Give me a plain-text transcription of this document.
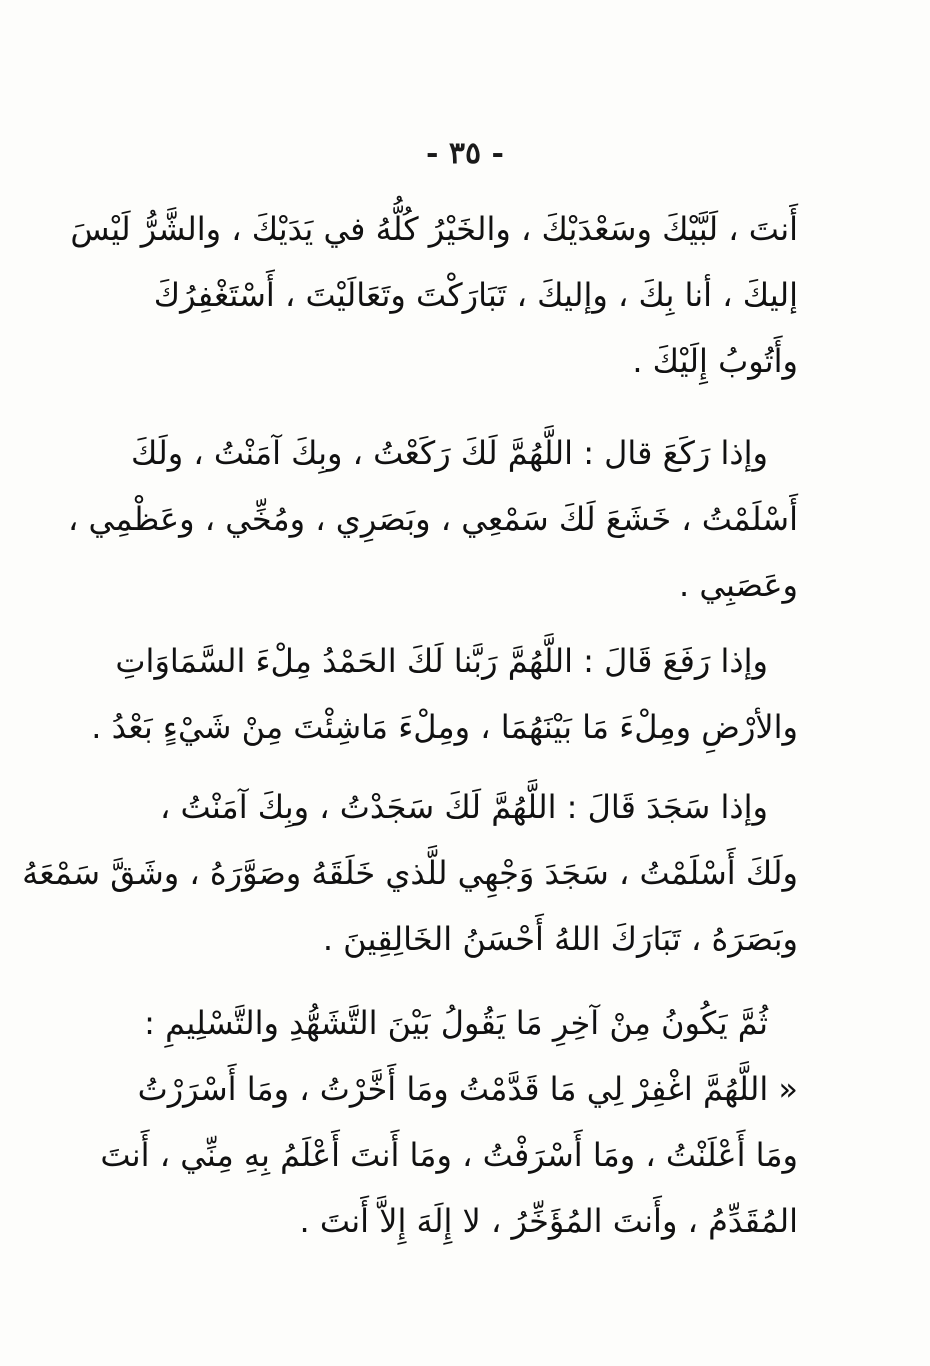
- ٣٥ -
أَنتَ ، لَبَّيْكَ وسَعْدَيْكَ ، والخَيْرُ كُلُّهُ في يَدَيْكَ ، والشَّرُّ لَيْسَ
إليكَ ، أنا بِكَ ، وإليكَ ، تَبَارَكْتَ وتَعَالَيْتَ ، أَسْتَغْفِرُكَ
وأَتُوبُ إِلَيْكَ .
وإذا رَكَعَ قال : اللَّهُمَّ لَكَ رَكَعْتُ ، وبِكَ آمَنْتُ ، ولَكَ
أَسْلَمْتُ ، خَشَعَ لَكَ سَمْعِي ، وبَصَرِي ، ومُخِّي ، وعَظْمِي ،
وعَصَبِي .
وإذا رَفَعَ قَالَ : اللَّهُمَّ رَبَّنا لَكَ الحَمْدُ مِلْءَ السَّمَاوَاتِ
والأرْضِ ومِلْءَ مَا بَيْنَهُمَا ، ومِلْءَ مَاشِئْتَ مِنْ شَيْءٍ بَعْدُ .
وإذا سَجَدَ قَالَ : اللَّهُمَّ لَكَ سَجَدْتُ ، وبِكَ آمَنْتُ ،
ولَكَ أَسْلَمْتُ ، سَجَدَ وَجْهِي للَّذي خَلَقَهُ وصَوَّرَهُ ، وشَقَّ سَمْعَهُ
وبَصَرَهُ ، تَبَارَكَ اللهُ أَحْسَنُ الخَالِقِينَ .
ثُمَّ يَكُونُ مِنْ آخِرِ مَا يَقُولُ بَيْنَ التَّشَهُّدِ والتَّسْلِيمِ :
« اللَّهُمَّ اغْفِرْ لِي مَا قَدَّمْتُ ومَا أَخَّرْتُ ، ومَا أَسْرَرْتُ
ومَا أَعْلَنْتُ ، ومَا أَسْرَفْتُ ، ومَا أَنتَ أَعْلَمُ بِهِ مِنِّي ، أَنتَ
المُقَدِّمُ ، وأَنتَ المُؤَخِّرُ ، لا إِلَهَ إِلاَّ أَنتَ .
